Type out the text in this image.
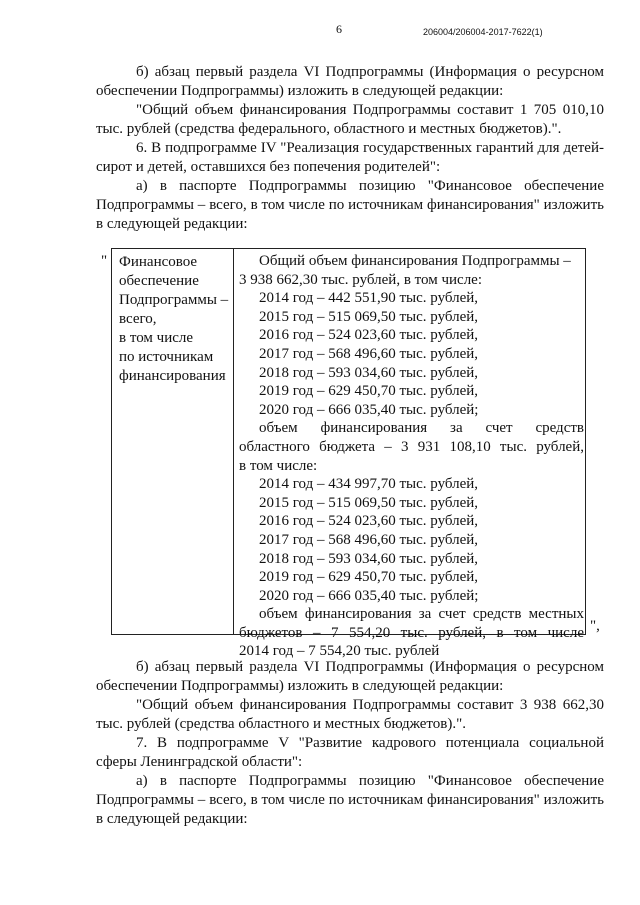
6	206004/206004-2017-7622(1)

б) абзац первый раздела VI Подпрограммы (Информация о ресурсном обеспечении Подпрограммы) изложить в следующей редакции:

"Общий объем финансирования Подпрограммы составит 1 705 010,10 тыс. рублей (средства федерального, областного и местных бюджетов).".

6. В подпрограмме IV "Реализация государственных гарантий для детей-сирот и детей, оставшихся без попечения родителей":

а) в паспорте Подпрограммы позицию "Финансовое обеспечение Подпрограммы – всего, в том числе по источникам финансирования" изложить в следующей редакции:

" Финансовое
обеспечение
Подпрограммы –
всего,
в том числе
по источникам
финансирования
Общий объем финансирования Подпрограммы –
3 938 662,30 тыс. рублей, в том числе:
2014 год – 442 551,90 тыс. рублей,
2015 год – 515 069,50 тыс. рублей,
2016 год – 524 023,60 тыс. рублей,
2017 год – 568 496,60 тыс. рублей,
2018 год – 593 034,60 тыс. рублей,
2019 год – 629 450,70 тыс. рублей,
2020 год – 666 035,40 тыс. рублей;
объем финансирования за счет средств
областного бюджета – 3 931 108,10 тыс. рублей,
в том числе:
2014 год – 434 997,70 тыс. рублей,
2015 год – 515 069,50 тыс. рублей,
2016 год – 524 023,60 тыс. рублей,
2017 год – 568 496,60 тыс. рублей,
2018 год – 593 034,60 тыс. рублей,
2019 год – 629 450,70 тыс. рублей,
2020 год – 666 035,40 тыс. рублей;
объем финансирования за счет средств местных
бюджетов – 7 554,20 тыс. рублей, в том числе
2014 год – 7 554,20 тыс. рублей
",

б) абзац первый раздела VI Подпрограммы (Информация о ресурсном обеспечении Подпрограммы) изложить в следующей редакции:

"Общий объем финансирования Подпрограммы составит 3 938 662,30 тыс. рублей (средства областного и местных бюджетов).".

7. В подпрограмме V "Развитие кадрового потенциала социальной сферы Ленинградской области":

а) в паспорте Подпрограммы позицию "Финансовое обеспечение Подпрограммы – всего, в том числе по источникам финансирования" изложить в следующей редакции:
